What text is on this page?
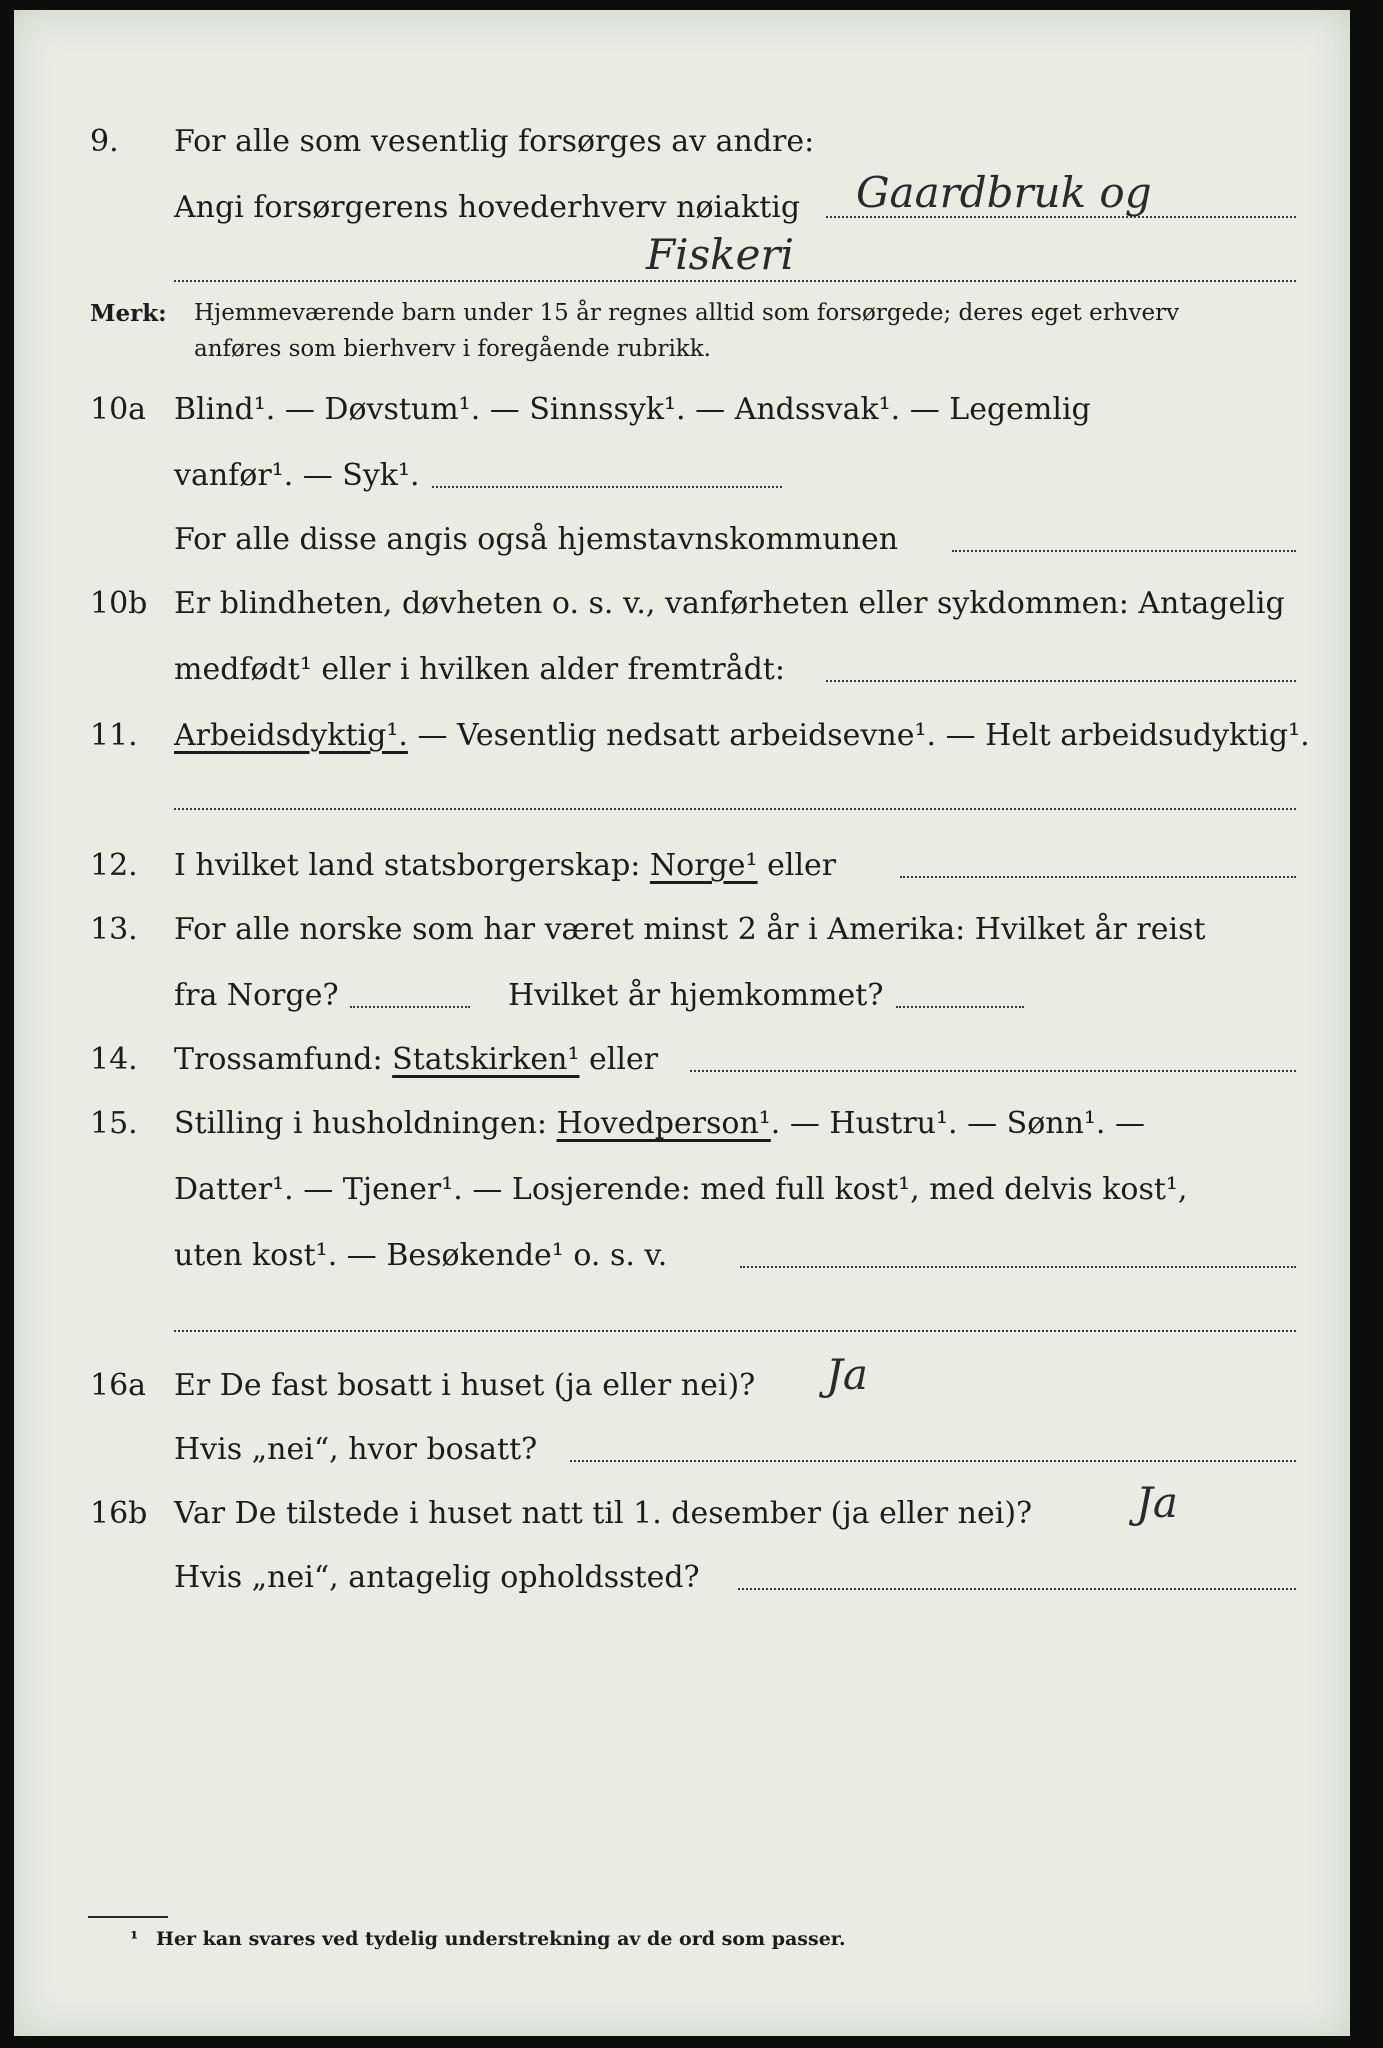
9. For alle som vesentlig forsørges av andre:
Angi forsørgerens hovederhverv nøiaktig Gaardbruk og
Fiskeri
Merk: Hjemmeværende barn under 15 år regnes alltid som forsørgede; deres eget erhverv
anføres som bierhverv i foregående rubrikk.
10a Blind¹. — Døvstum¹. — Sinnssyk¹. — Andssvak¹. — Legemlig
vanfør¹. — Syk¹.
For alle disse angis også hjemstavnskommunen
10b Er blindheten, døvheten o. s. v., vanførheten eller sykdommen: Antagelig
medfødt¹ eller i hvilken alder fremtrådt:
11. Arbeidsdyktig¹. — Vesentlig nedsatt arbeidsevne¹. — Helt arbeidsudyktig¹.
12. I hvilket land statsborgerskap: Norge¹ eller
13. For alle norske som har været minst 2 år i Amerika: Hvilket år reist
fra Norge?	Hvilket år hjemkommet?
14. Trossamfund: Statskirken¹ eller
15. Stilling i husholdningen: Hovedperson¹. — Hustru¹. — Sønn¹. —
Datter¹. — Tjener¹. — Losjerende: med full kost¹, med delvis kost¹,
uten kost¹. — Besøkende¹ o. s. v.
16a Er De fast bosatt i huset (ja eller nei)? Ja
Hvis „nei“, hvor bosatt?
16b Var De tilstede i huset natt til 1. desember (ja eller nei)? Ja
Hvis „nei“, antagelig opholdssted?
¹ Her kan svares ved tydelig understrekning av de ord som passer.
